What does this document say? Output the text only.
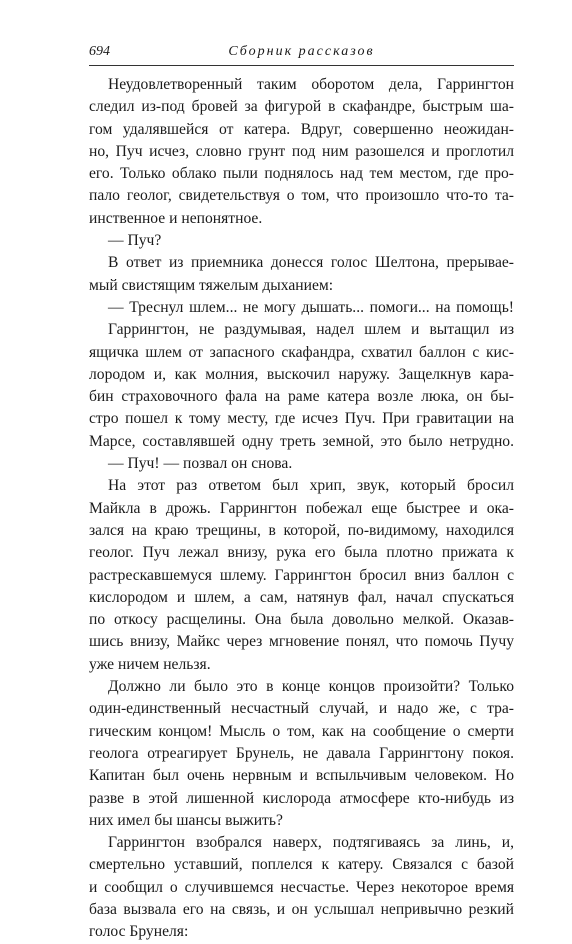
694	Сборник рассказов
Неудовлетворенный таким оборотом дела, Гаррингтон
следил из-под бровей за фигурой в скафандре, быстрым ша-
гом удалявшейся от катера. Вдруг, совершенно неожидан-
но, Пуч исчез, словно грунт под ним разошелся и проглотил
его. Только облако пыли поднялось над тем местом, где про-
пало геолог, свидетельствуя о том, что произошло что-то та-
инственное и непонятное.
— Пуч?
В ответ из приемника донесся голос Шелтона, прерывае-
мый свистящим тяжелым дыханием:
— Треснул шлем... не могу дышать... помоги... на помощь!
Гаррингтон, не раздумывая, надел шлем и вытащил из
ящичка шлем от запасного скафандра, схватил баллон с кис-
лородом и, как молния, выскочил наружу. Защелкнув кара-
бин страховочного фала на раме катера возле люка, он бы-
стро пошел к тому месту, где исчез Пуч. При гравитации на
Марсе, составлявшей одну треть земной, это было нетрудно.
— Пуч! — позвал он снова.
На этот раз ответом был хрип, звук, который бросил
Майкла в дрожь. Гаррингтон побежал еще быстрее и ока-
зался на краю трещины, в которой, по-видимому, находился
геолог. Пуч лежал внизу, рука его была плотно прижата к
растрескавшемуся шлему. Гаррингтон бросил вниз баллон с
кислородом и шлем, а сам, натянув фал, начал спускаться
по откосу расщелины. Она была довольно мелкой. Оказав-
шись внизу, Майкс через мгновение понял, что помочь Пучу
уже ничем нельзя.
Должно ли было это в конце концов произойти? Только
один-единственный несчастный случай, и надо же, с тра-
гическим концом! Мысль о том, как на сообщение о смерти
геолога отреагирует Брунель, не давала Гаррингтону покоя.
Капитан был очень нервным и вспыльчивым человеком. Но
разве в этой лишенной кислорода атмосфере кто-нибудь из
них имел бы шансы выжить?
Гаррингтон взобрался наверх, подтягиваясь за линь, и,
смертельно уставший, поплелся к катеру. Связался с базой
и сообщил о случившемся несчастье. Через некоторое время
база вызвала его на связь, и он услышал непривычно резкий
голос Брунеля:
